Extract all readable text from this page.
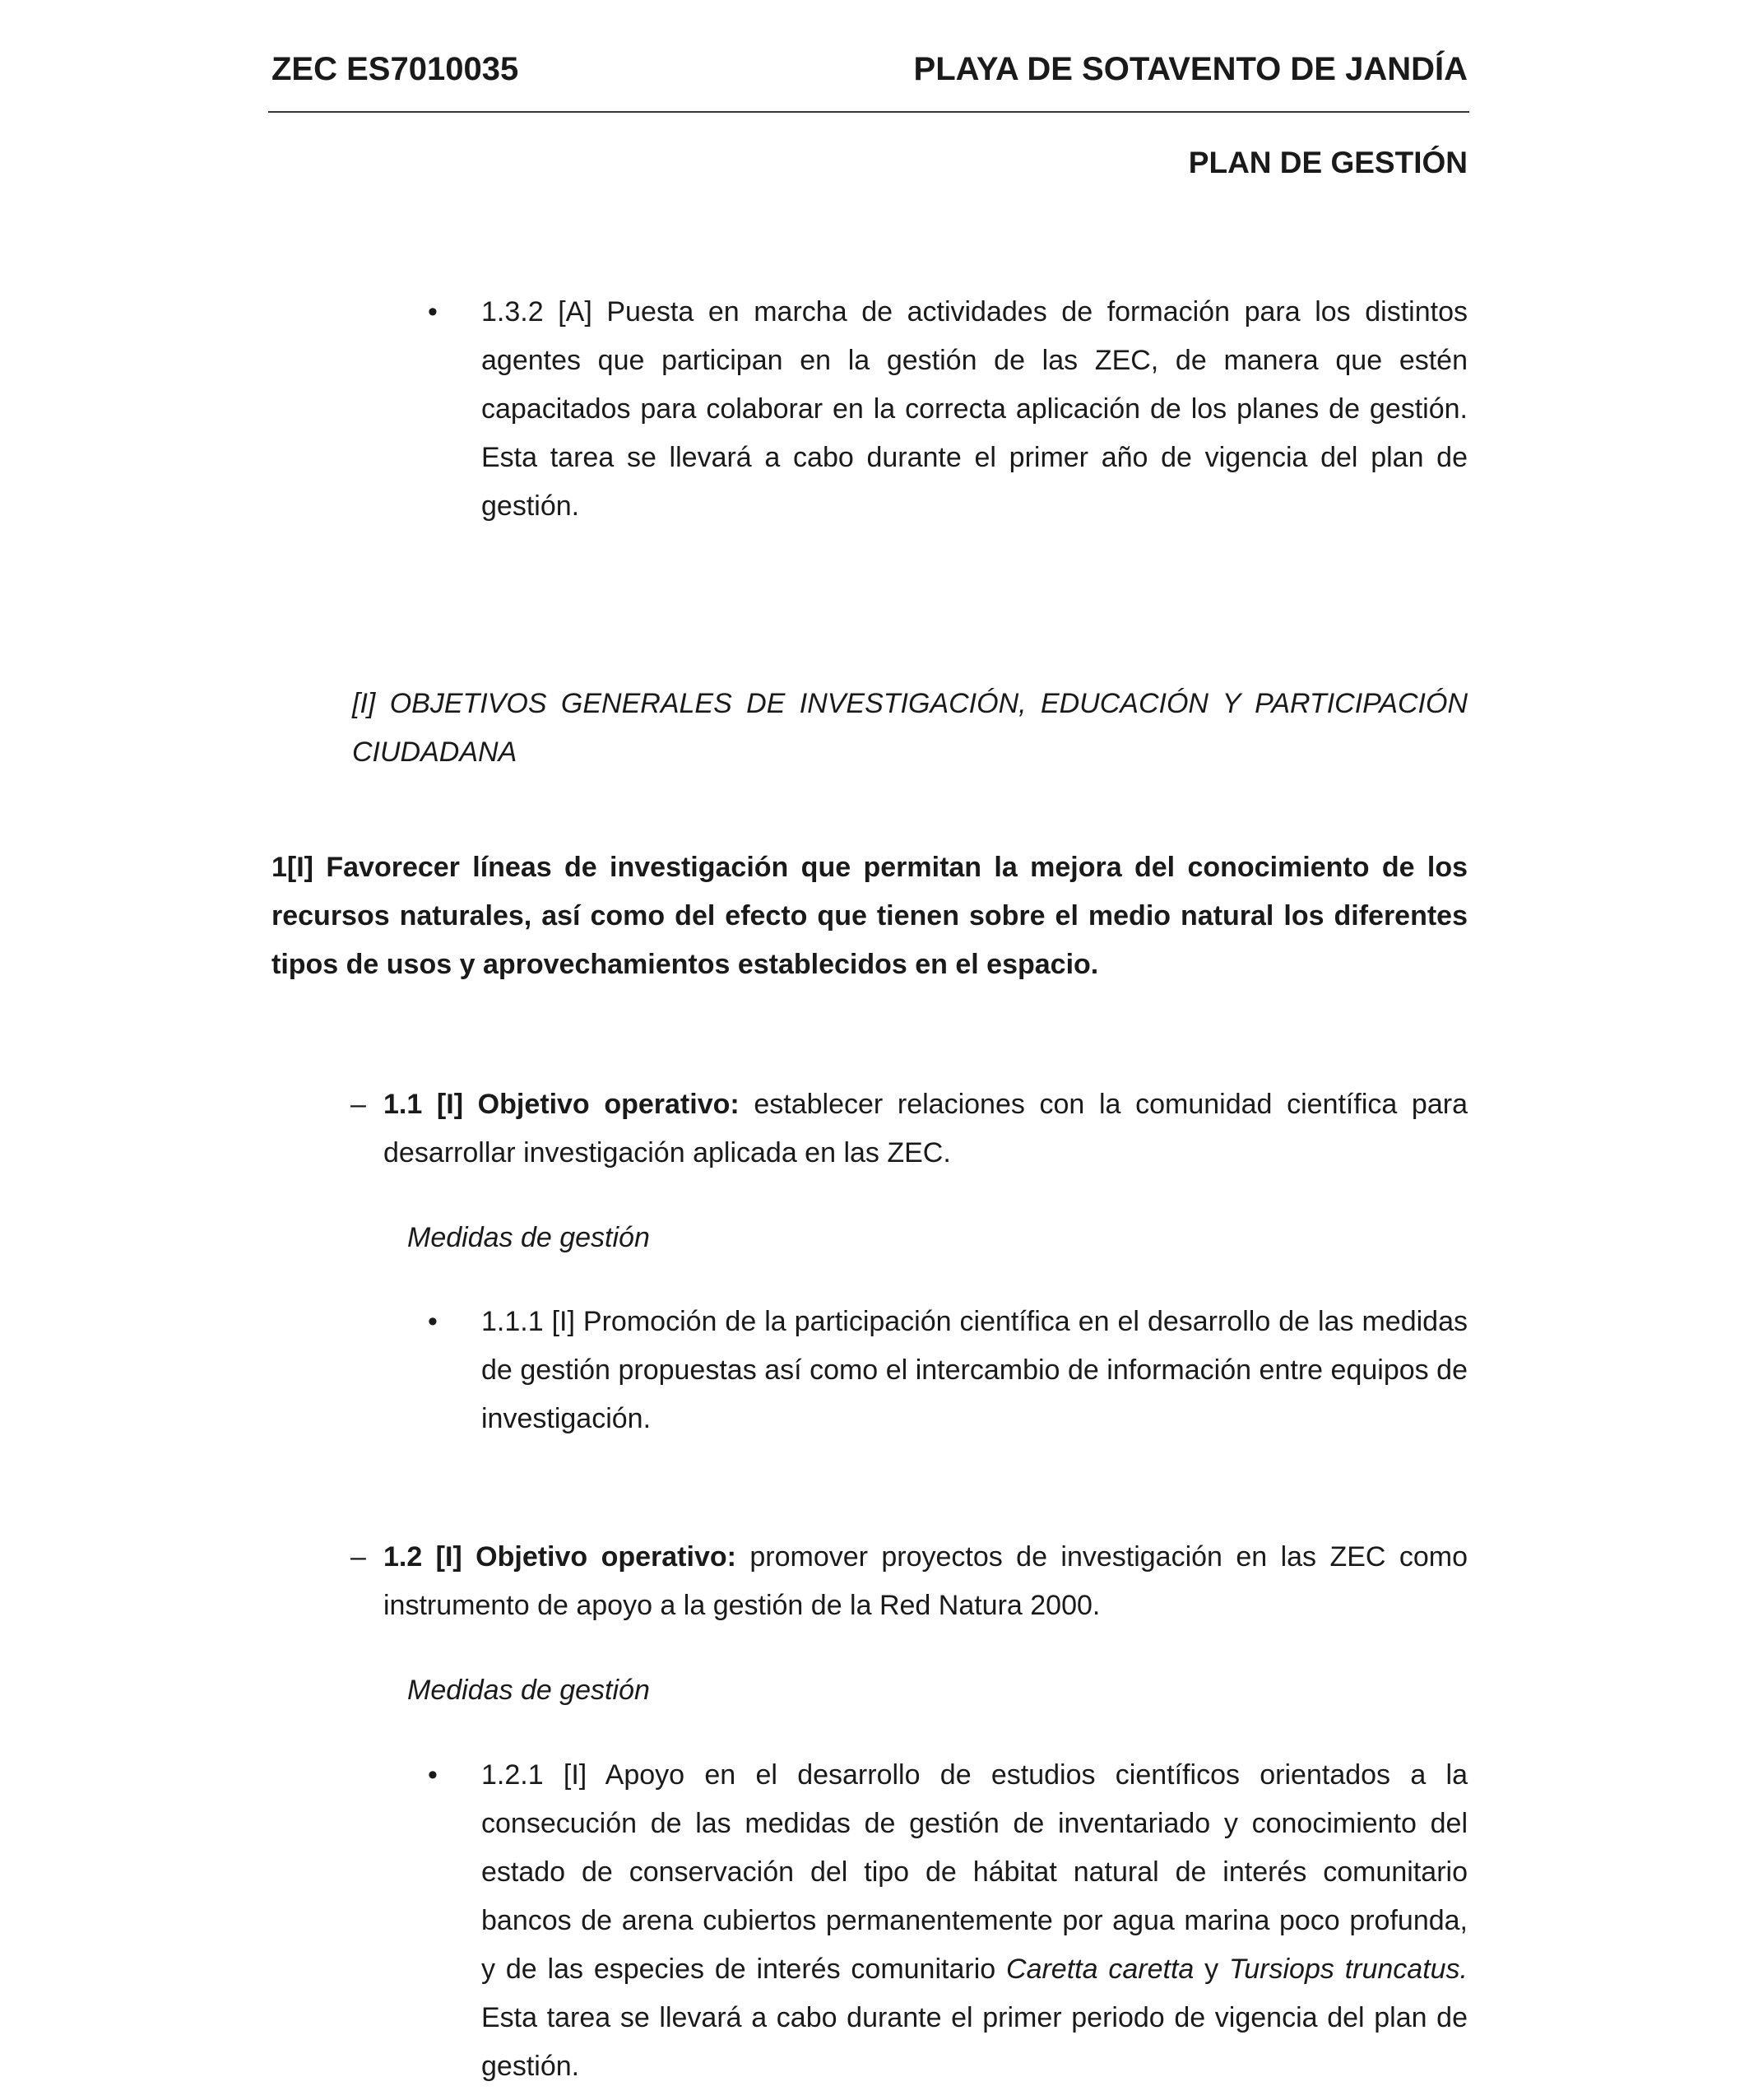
ZEC ES7010035	PLAYA DE SOTAVENTO DE JANDÍA
PLAN DE GESTIÓN
• 1.3.2 [A] Puesta en marcha de actividades de formación para los distintos agentes que participan en la gestión de las ZEC, de manera que estén capacitados para colaborar en la correcta aplicación de los planes de gestión. Esta tarea se llevará a cabo durante el primer año de vigencia del plan de gestión.
[I] OBJETIVOS GENERALES DE INVESTIGACIÓN, EDUCACIÓN Y PARTICIPACIÓN CIUDADANA
1[I] Favorecer líneas de investigación que permitan la mejora del conocimiento de los recursos naturales, así como del efecto que tienen sobre el medio natural los diferentes tipos de usos y aprovechamientos establecidos en el espacio.
– 1.1 [I] Objetivo operativo: establecer relaciones con la comunidad científica para desarrollar investigación aplicada en las ZEC.
Medidas de gestión
• 1.1.1 [I] Promoción de la participación científica en el desarrollo de las medidas de gestión propuestas así como el intercambio de información entre equipos de investigación.
– 1.2 [I] Objetivo operativo: promover proyectos de investigación en las ZEC como instrumento de apoyo a la gestión de la Red Natura 2000.
Medidas de gestión
• 1.2.1 [I] Apoyo en el desarrollo de estudios científicos orientados a la consecución de las medidas de gestión de inventariado y conocimiento del estado de conservación del tipo de hábitat natural de interés comunitario bancos de arena cubiertos permanentemente por agua marina poco profunda, y de las especies de interés comunitario Caretta caretta y Tursiops truncatus. Esta tarea se llevará a cabo durante el primer periodo de vigencia del plan de gestión.
